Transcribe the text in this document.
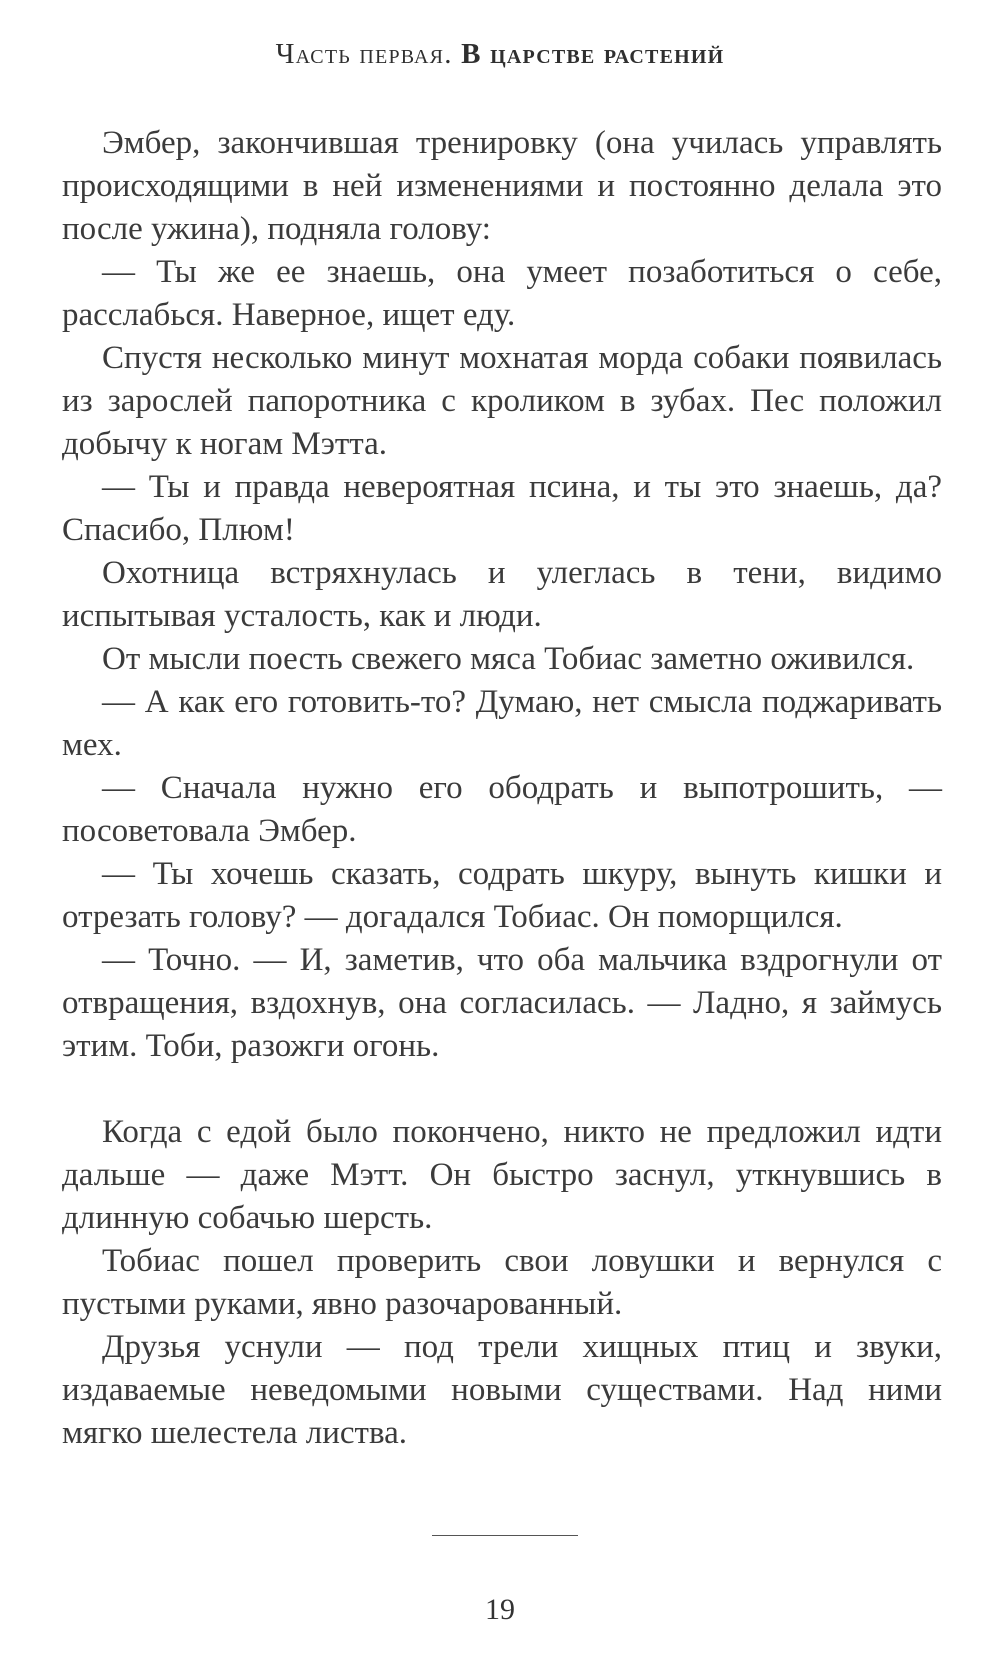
Часть первая. В царстве растений

Эмбер, закончившая тренировку (она училась управлять происходящими в ней изменениями и постоянно делала это после ужина), подняла голову:

— Ты же ее знаешь, она умеет позаботиться о себе, расслабься. Наверное, ищет еду.

Спустя несколько минут мохнатая морда собаки появилась из зарослей папоротника с кроликом в зубах. Пес положил добычу к ногам Мэтта.

— Ты и правда невероятная псина, и ты это знаешь, да? Спасибо, Плюм!

Охотница встряхнулась и улеглась в тени, видимо испытывая усталость, как и люди.

От мысли поесть свежего мяса Тобиас заметно оживился.

— А как его готовить-то? Думаю, нет смысла поджаривать мех.

— Сначала нужно его ободрать и выпотрошить, — посоветовала Эмбер.

— Ты хочешь сказать, содрать шкуру, вынуть кишки и отрезать голову? — догадался Тобиас. Он поморщился.

— Точно. — И, заметив, что оба мальчика вздрогнули от отвращения, вздохнув, она согласилась. — Ладно, я займусь этим. Тоби, разожги огонь.

Когда с едой было покончено, никто не предложил идти дальше — даже Мэтт. Он быстро заснул, уткнувшись в длинную собачью шерсть.

Тобиас пошел проверить свои ловушки и вернулся с пустыми руками, явно разочарованный.

Друзья уснули — под трели хищных птиц и звуки, издаваемые неведомыми новыми существами. Над ними мягко шелестела листва.

19
